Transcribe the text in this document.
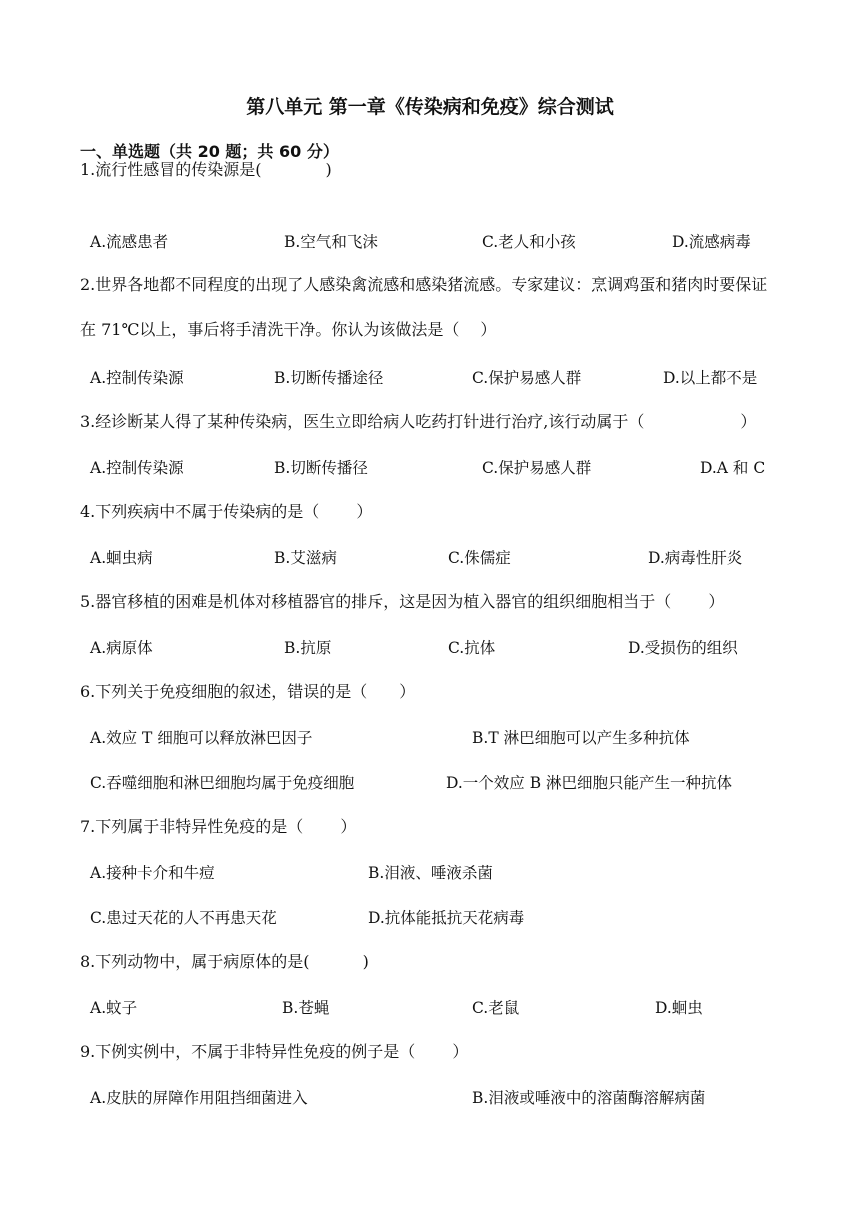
第八单元 第一章《传染病和免疫》综合测试
一、单选题（共 20 题；共 60 分）
1.流行性感冒的传染源是(　　　　)
A.流感患者	B.空气和飞沫	C.老人和小孩	D.流感病毒
2.世界各地都不同程度的出现了人感染禽流感和感染猪流感。专家建议：烹调鸡蛋和猪肉时要保证在 71℃以上，事后将手清洗干净。你认为该做法是（　 ）
A.控制传染源	B.切断传播途径	C.保护易感人群	D.以上都不是
3.经诊断某人得了某种传染病，医生立即给病人吃药打针进行治疗,该行动属于（　　　　　　）
A.控制传染源	B.切断传播径	C.保护易感人群	D.A 和 C
4.下列疾病中不属于传染病的是（　　 ）
A.蛔虫病	B.艾滋病	C.侏儒症	D.病毒性肝炎
5.器官移植的困难是机体对移植器官的排斥，这是因为植入器官的组织细胞相当于（　　 ）
A.病原体	B.抗原	C.抗体	D.受损伤的组织
6.下列关于免疫细胞的叙述，错误的是（　　）
A.效应 T 细胞可以释放淋巴因子	B.T 淋巴细胞可以产生多种抗体
C.吞噬细胞和淋巴细胞均属于免疫细胞	D.一个效应 B 淋巴细胞只能产生一种抗体
7.下列属于非特异性免疫的是（　　 ）
A.接种卡介和牛痘	B.泪液、唾液杀菌
C.患过天花的人不再患天花	D.抗体能抵抗天花病毒
8.下列动物中，属于病原体的是(　　　 )
A.蚊子	B.苍蝇	C.老鼠	D.蛔虫
9.下例实例中，不属于非特异性免疫的例子是（　　 ）
A.皮肤的屏障作用阻挡细菌进入	B.泪液或唾液中的溶菌酶溶解病菌
